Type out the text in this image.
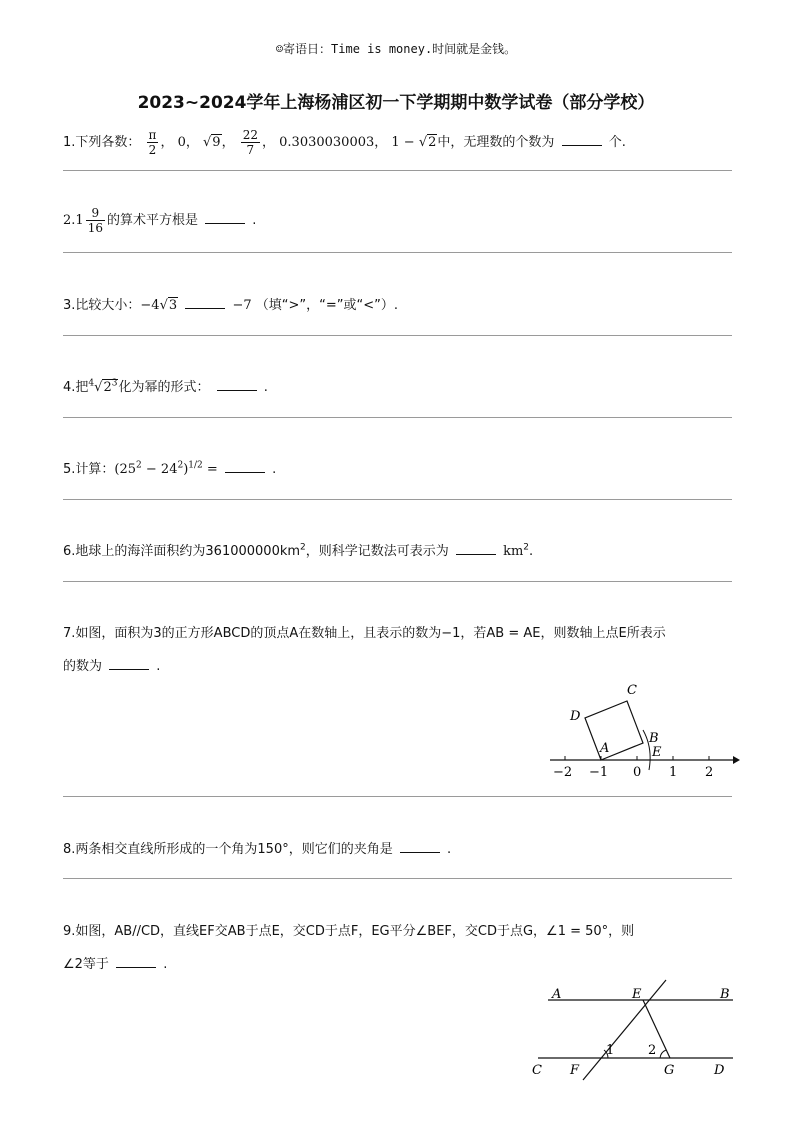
☺寄语日：Time is money.时间就是金钱。
2023~2024学年上海杨浦区初一下学期期中数学试卷（部分学校）
1.下列各数： $\frac{\pi}{2}$ ， 0， √9， $\frac{22}{7}$ ， 0.3030030003， 1 − √2中，无理数的个数为	个.
$2.1 \frac{9}{16}$ 的算术平方根是	.
3.比较大小：−4√3	−7 （填“>”，“=”或“<”）.
4.把$^4√2^3$化为幂的形式：	.
5.计算：$(25^2 - 24^2)^{1/2}$ =	.
6.地球上的海洋面积约为$361000000km^2$，则科学记数法可表示为	$km^2$.
7.如图，面积为3的正方形ABCD的顶点A在数轴上，且表示的数为−1，若AB = AE，则数轴上点E所表示
的数为	.
−2 −1 0 1 2
A
B
C
D
E
8.两条相交直线所形成的一个角为150°，则它们的夹角是	.
9.如图，AB//CD，直线EF交AB于点E，交CD于点F，EG平分∠BEF，交CD于点G，∠1 = 50°，则
∠2等于	.
A	E	B
C F	G	D
1	2
